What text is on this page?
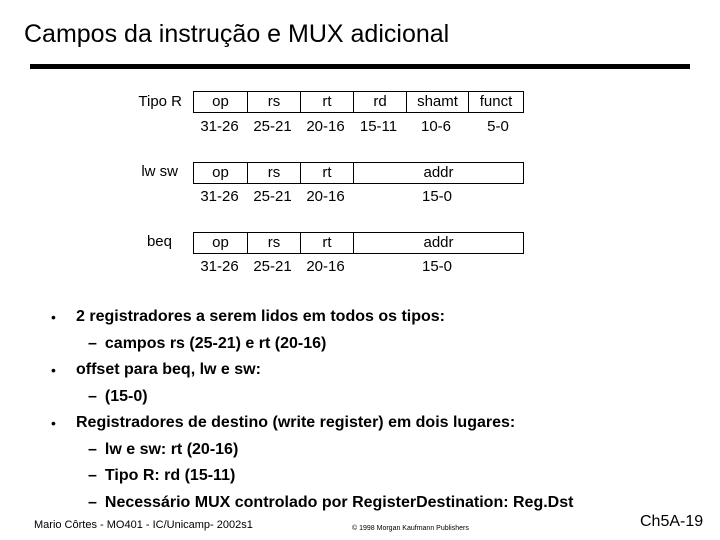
Campos da instrução e MUX adicional
Tipo R	op	rs	rt	rd	shamt	funct
31-26 25-21 20-16	15-11	10-6	5-0
lw sw	op	rs	rt	addr
31-26 25-21 20-16	15-0
beq	op	rs	rt	addr
31-26 25-21 20-16	15-0
• 2 registradores a serem lidos em todos os tipos:
– campos rs (25-21) e rt (20-16)
• offset para beq, lw e sw:
– (15-0)
• Registradores de destino (write register) em dois lugares:
– lw e sw: rt (20-16)
– Tipo R: rd (15-11)
– Necessário MUX controlado por RegisterDestination: Reg.Dst
Mario Côrtes - MO401 - IC/Unicamp- 2002s1	© 1998 Morgan Kaufmann Publishers	Ch5A-19
